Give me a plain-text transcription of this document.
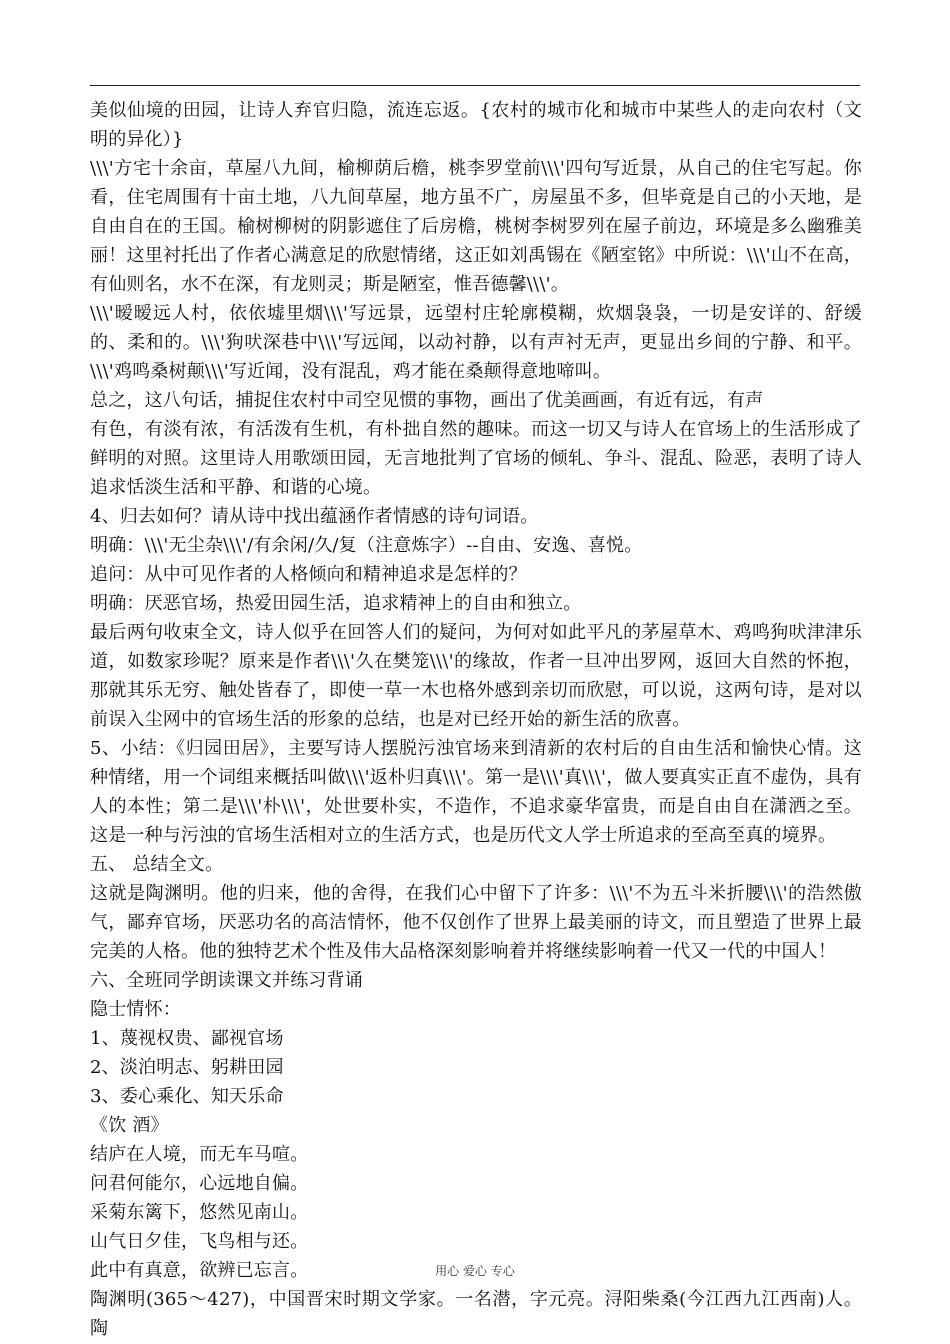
美似仙境的田园，让诗人弃官归隐，流连忘返。{农村的城市化和城市中某些人的走向农村（文明的异化）}

\\\'方宅十余亩，草屋八九间，榆柳荫后檐，桃李罗堂前\\\'四句写近景，从自己的住宅写起。你看，住宅周围有十亩土地，八九间草屋，地方虽不广，房屋虽不多，但毕竟是自己的小天地，是自由自在的王国。榆树柳树的阴影遮住了后房檐，桃树李树罗列在屋子前边，环境是多么幽雅美丽！这里衬托出了作者心满意足的欣慰情绪，这正如刘禹锡在《陋室铭》中所说：\\\'山不在高，有仙则名，水不在深，有龙则灵；斯是陋室，惟吾德馨\\\'。

\\\'暧暧远人村，依依墟里烟\\\'写远景，远望村庄轮廓模糊，炊烟袅袅，一切是安详的、舒缓的、柔和的。\\\'狗吠深巷中\\\'写远闻，以动衬静，以有声衬无声，更显出乡间的宁静、和平。\\\'鸡鸣桑树颠\\\'写近闻，没有混乱，鸡才能在桑颠得意地啼叫。

总之，这八句话，捕捉住农村中司空见惯的事物，画出了优美画画，有近有远，有声

有色，有淡有浓，有活泼有生机，有朴拙自然的趣味。而这一切又与诗人在官场上的生活形成了鲜明的对照。这里诗人用歌颂田园，无言地批判了官场的倾轧、争斗、混乱、险恶，表明了诗人追求恬淡生活和平静、和谐的心境。

4、归去如何？请从诗中找出蕴涵作者情感的诗句词语。

明确：\\\'无尘杂\\\'/有余闲/久/复（注意炼字）--自由、安逸、喜悦。

追问：从中可见作者的人格倾向和精神追求是怎样的？

明确：厌恶官场，热爱田园生活，追求精神上的自由和独立。

最后两句收束全文，诗人似乎在回答人们的疑问，为何对如此平凡的茅屋草木、鸡鸣狗吠津津乐道，如数家珍呢？原来是作者\\\'久在樊笼\\\'的缘故，作者一旦冲出罗网，返回大自然的怀抱，那就其乐无穷、触处皆春了，即使一草一木也格外感到亲切而欣慰，可以说，这两句诗，是对以前误入尘网中的官场生活的形象的总结，也是对已经开始的新生活的欣喜。

5、小结：《归园田居》，主要写诗人摆脱污浊官场来到清新的农村后的自由生活和愉快心情。这种情绪，用一个词组来概括叫做\\\'返朴归真\\\'。第一是\\\'真\\\'，做人要真实正直不虚伪，具有人的本性；第二是\\\'朴\\\'，处世要朴实，不造作，不追求豪华富贵，而是自由自在潇洒之至。这是一种与污浊的官场生活相对立的生活方式，也是历代文人学士所追求的至高至真的境界。

五、 总结全文。

这就是陶渊明。他的归来，他的舍得，在我们心中留下了许多：\\\'不为五斗米折腰\\\'的浩然傲气，鄙弃官场，厌恶功名的高洁情怀，他不仅创作了世界上最美丽的诗文，而且塑造了世界上最完美的人格。他的独特艺术个性及伟大品格深刻影响着并将继续影响着一代又一代的中国人！

六、全班同学朗读课文并练习背诵

隐士情怀：

1、蔑视权贵、鄙视官场

2、淡泊明志、躬耕田园

3、委心乘化、知天乐命

《饮 酒》

结庐在人境，而无车马喧。

问君何能尔，心远地自偏。

采菊东篱下，悠然见南山。

山气日夕佳，飞鸟相与还。

此中有真意，欲辨已忘言。

陶渊明(365～427)，中国晋宋时期文学家。一名潜，字元亮。浔阳柴桑(今江西九江西南)人。陶

用心 爱心 专心
